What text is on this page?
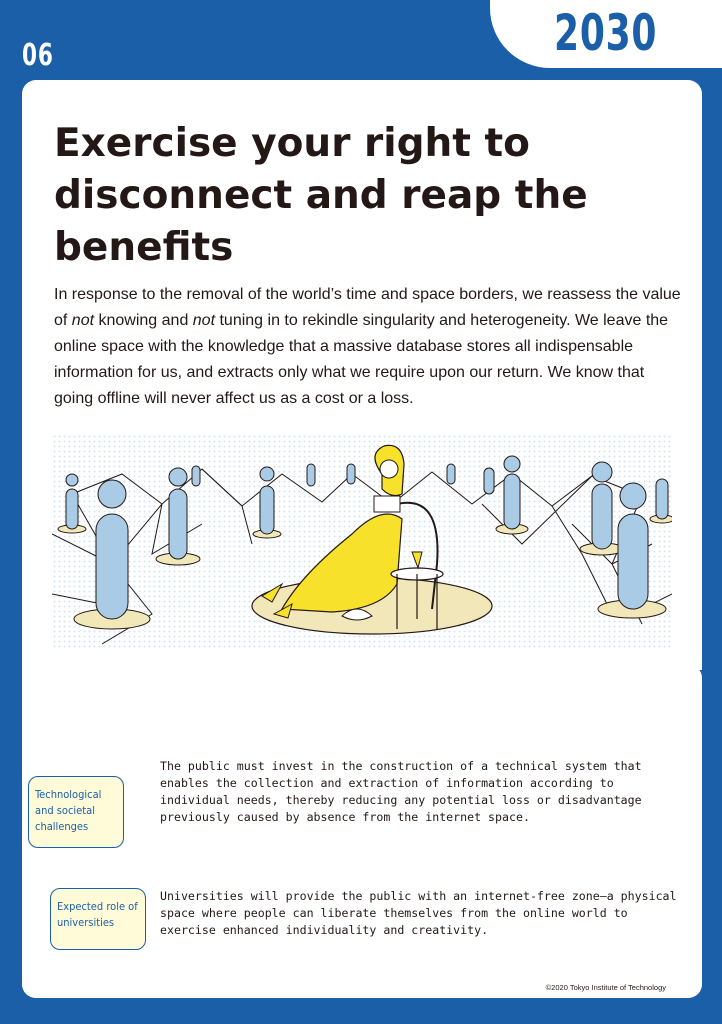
06	2030
Exercise your right to disconnect and reap the benefits

In response to the removal of the world’s time and space borders, we reassess the value of not knowing and not tuning in to rekindle singularity and heterogeneity. We leave the online space with the knowledge that a massive database stores all indispensable information for us, and extracts only what we require upon our return. We know that going offline will never affect us as a cost or a loss.

Technological and societal challenges

The public must invest in the construction of a technical system that enables the collection and extraction of information according to individual needs, thereby reducing any potential loss or disadvantage previously caused by absence from the internet space.

Expected role of universities

Universities will provide the public with an internet-free zone—a physical space where people can liberate themselves from the online world to exercise enhanced individuality and creativity.

©2020 Tokyo Institute of Technology
